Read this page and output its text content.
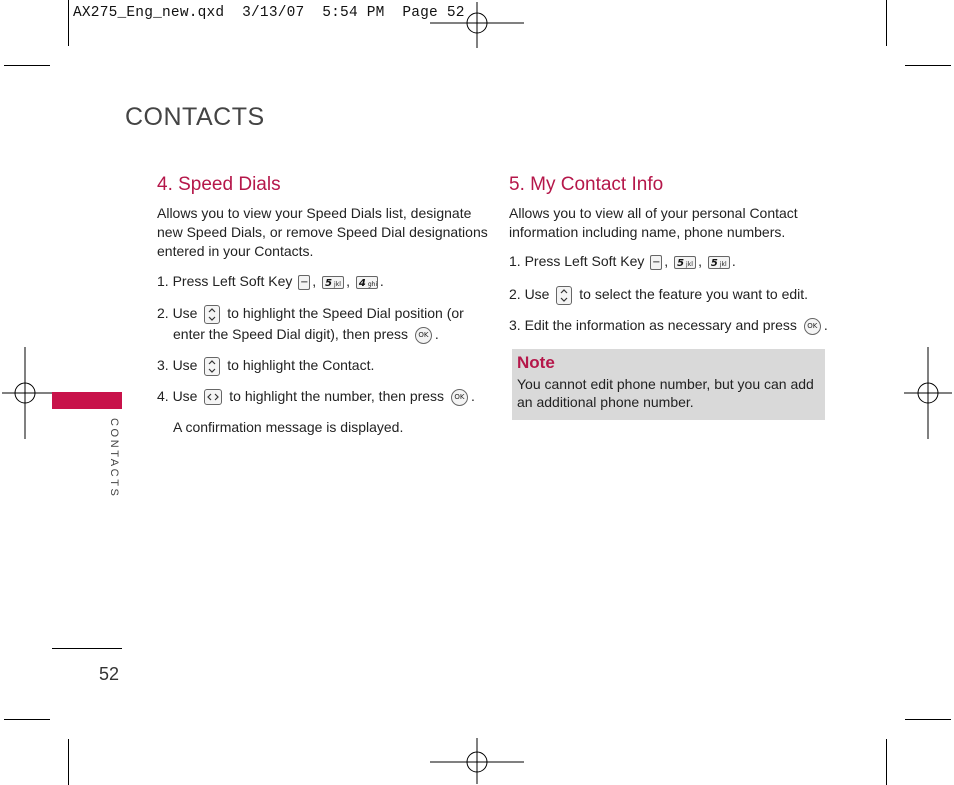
AX275_Eng_new.qxd  3/13/07  5:54 PM  Page 52
CONTACTS
CONTACTS
4. Speed Dials
Allows you to view your Speed Dials list, designate
new Speed Dials, or remove Speed Dial designations
entered in your Contacts.
1. Press Left Soft Key − , 5 jkl , 4 ghi .
2. Use to highlight the Speed Dial position (or
enter the Speed Dial digit), then press OK .
3. Use to highlight the Contact.
4. Use to highlight the number, then press OK .
A confirmation message is displayed.
5. My Contact Info
Allows you to view all of your personal Contact
information including name, phone numbers.
1. Press Left Soft Key − , 5 jkl , 5 jkl .
2. Use to select the feature you want to edit.
3. Edit the information as necessary and press OK .
Note
You cannot edit phone number, but you can add an additional phone number.
52
